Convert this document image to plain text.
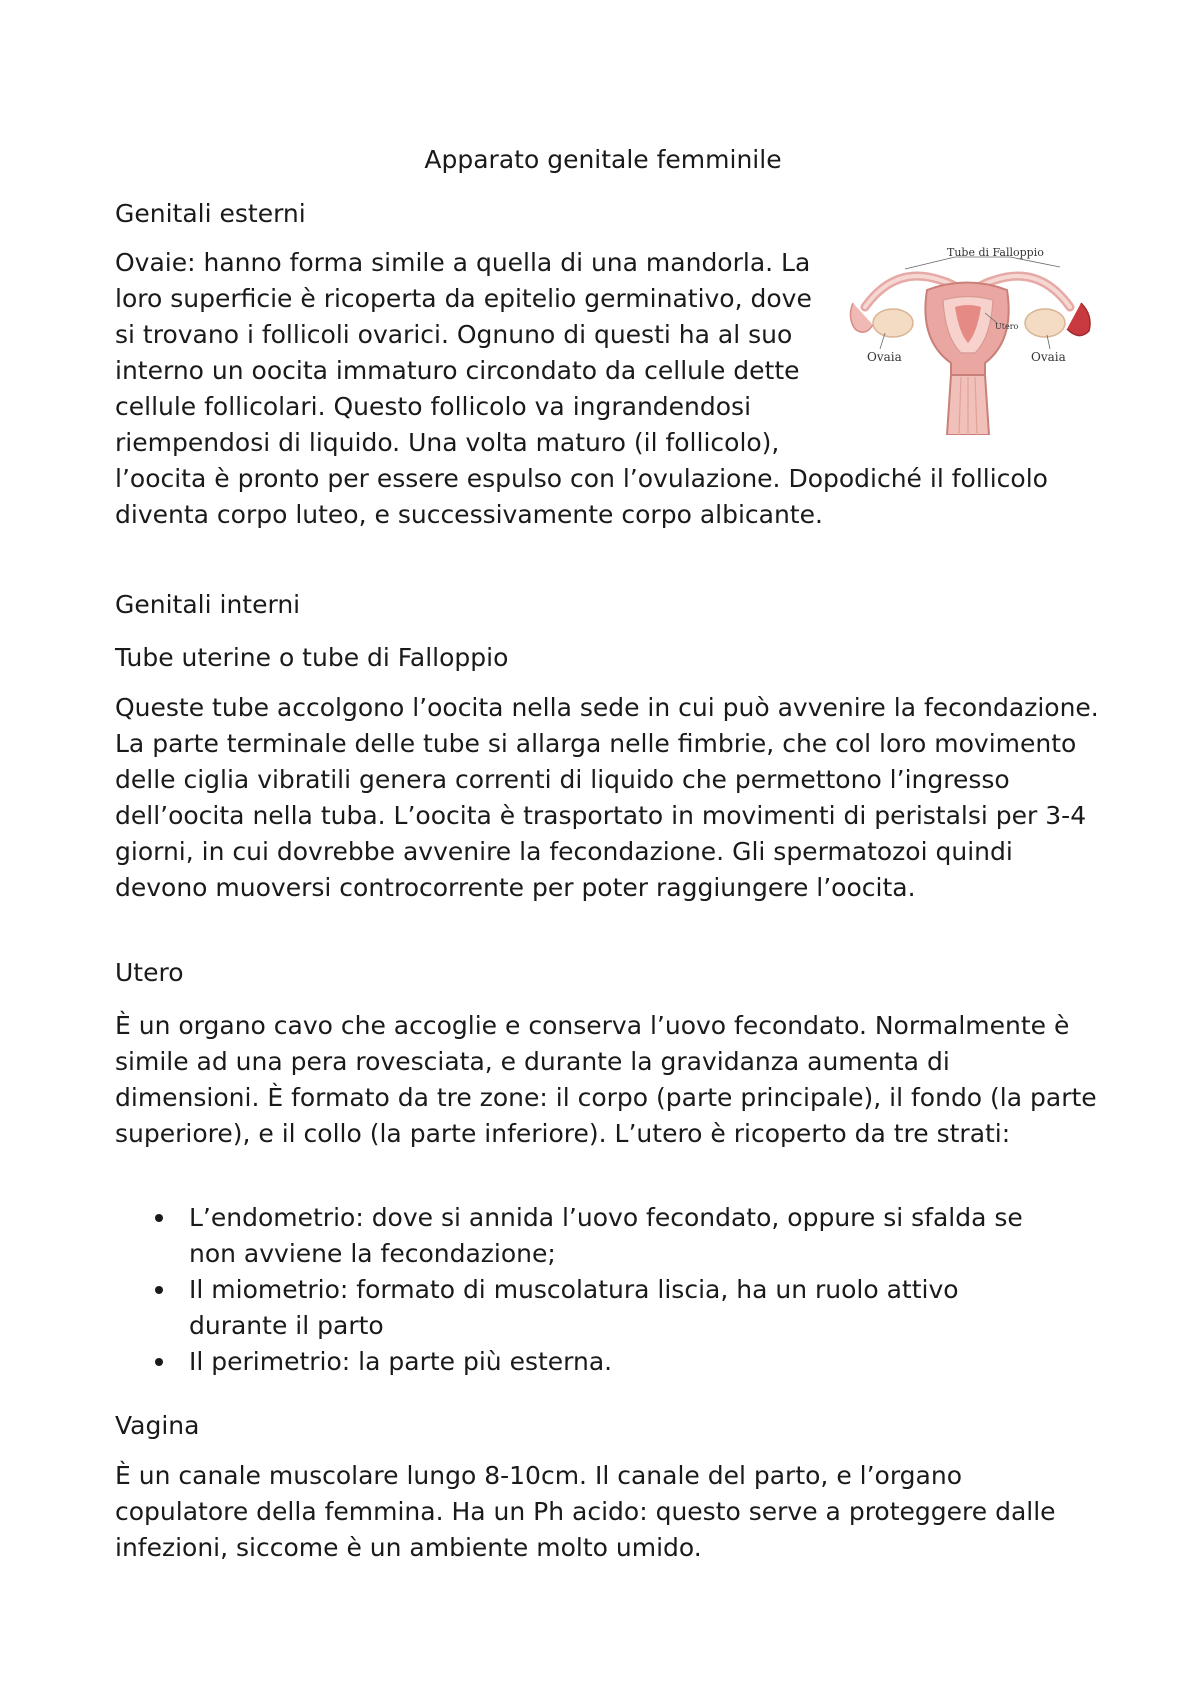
Apparato genitale femminile
Genitali esterni
Tube di Falloppio
Utero
Ovaia	Ovaia
Ovaie: hanno forma simile a quella di una mandorla. La loro superficie è ricoperta da epitelio germinativo, dove si trovano i follicoli ovarici. Ognuno di questi ha al suo interno un oocita immaturo circondato da cellule dette cellule follicolari. Questo follicolo va ingrandendosi riempendosi di liquido. Una volta maturo (il follicolo), l’oocita è pronto per essere espulso con l’ovulazione. Dopodiché il follicolo diventa corpo luteo, e successivamente corpo albicante.
Genitali interni
Tube uterine o tube di Falloppio

Queste tube accolgono l’oocita nella sede in cui può avvenire la fecondazione. La parte terminale delle tube si allarga nelle fimbrie, che col loro movimento delle ciglia vibratili genera correnti di liquido che permettono l’ingresso dell’oocita nella tuba. L’oocita è trasportato in movimenti di peristalsi per 3-4 giorni, in cui dovrebbe avvenire la fecondazione. Gli spermatozoi quindi devono muoversi controcorrente per poter raggiungere l’oocita.

Utero

È un organo cavo che accoglie e conserva l’uovo fecondato. Normalmente è simile ad una pera rovesciata, e durante la gravidanza aumenta di dimensioni. È formato da tre zone: il corpo (parte principale), il fondo (la parte superiore), e il collo (la parte inferiore). L’utero è ricoperto da tre strati:

L’endometrio: dove si annida l’uovo fecondato, oppure si sfalda se non avviene la fecondazione;
Il miometrio: formato di muscolatura liscia, ha un ruolo attivo durante il parto
Il perimetrio: la parte più esterna.
Vagina

È un canale muscolare lungo 8-10cm. Il canale del parto, e l’organo copulatore della femmina. Ha un Ph acido: questo serve a proteggere dalle infezioni, siccome è un ambiente molto umido.
